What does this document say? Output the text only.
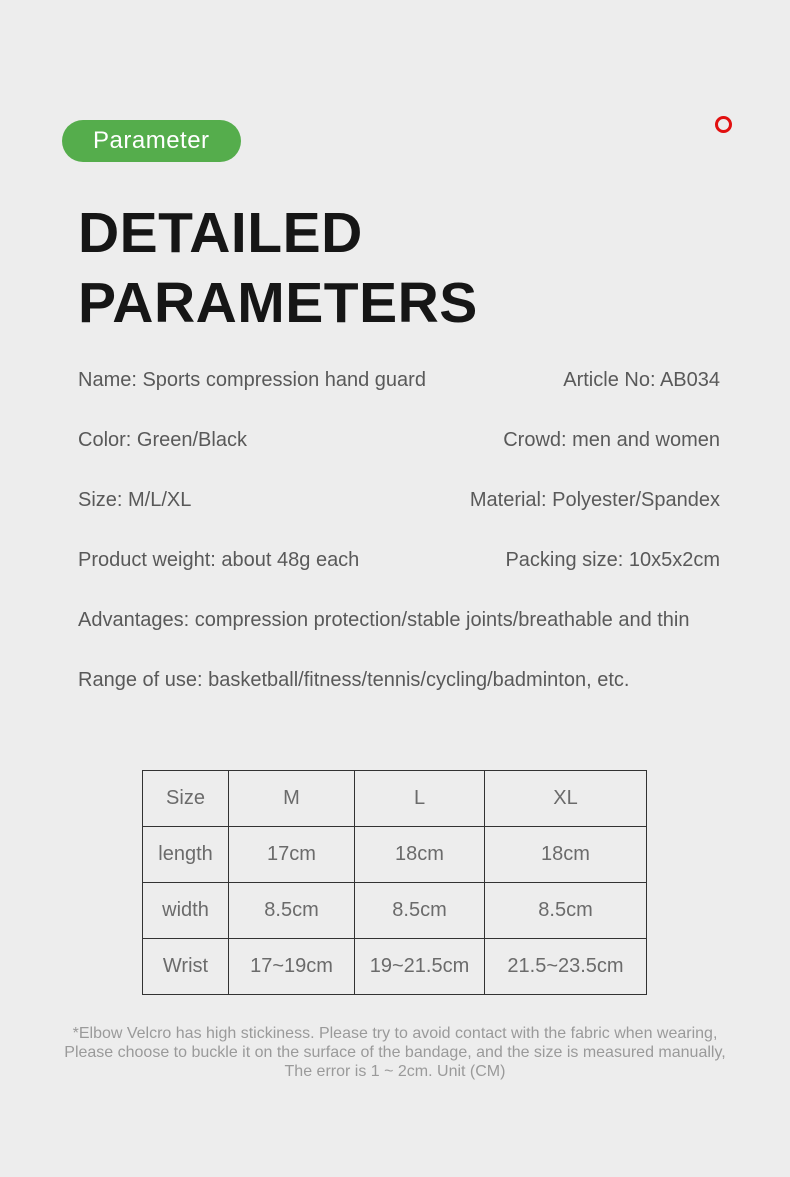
Parameter
DETAILED
PARAMETERS
Name: Sports compression hand guard	Article No: AB034
Color: Green/Black	Crowd: men and women
Size: M/L/XL	Material: Polyester/Spandex
Product weight: about 48g each	Packing size: 10x5x2cm
Advantages: compression protection/stable joints/breathable and thin
Range of use: basketball/fitness/tennis/cycling/badminton, etc.
Size	M	L	XL
length	17cm	18cm	18cm
width	8.5cm	8.5cm	8.5cm
Wrist	17~19cm	19~21.5cm	21.5~23.5cm
*Elbow Velcro has high stickiness. Please try to avoid contact with the fabric when wearing,
Please choose to buckle it on the surface of the bandage, and the size is measured manually,
The error is 1 ~ 2cm. Unit (CM)
